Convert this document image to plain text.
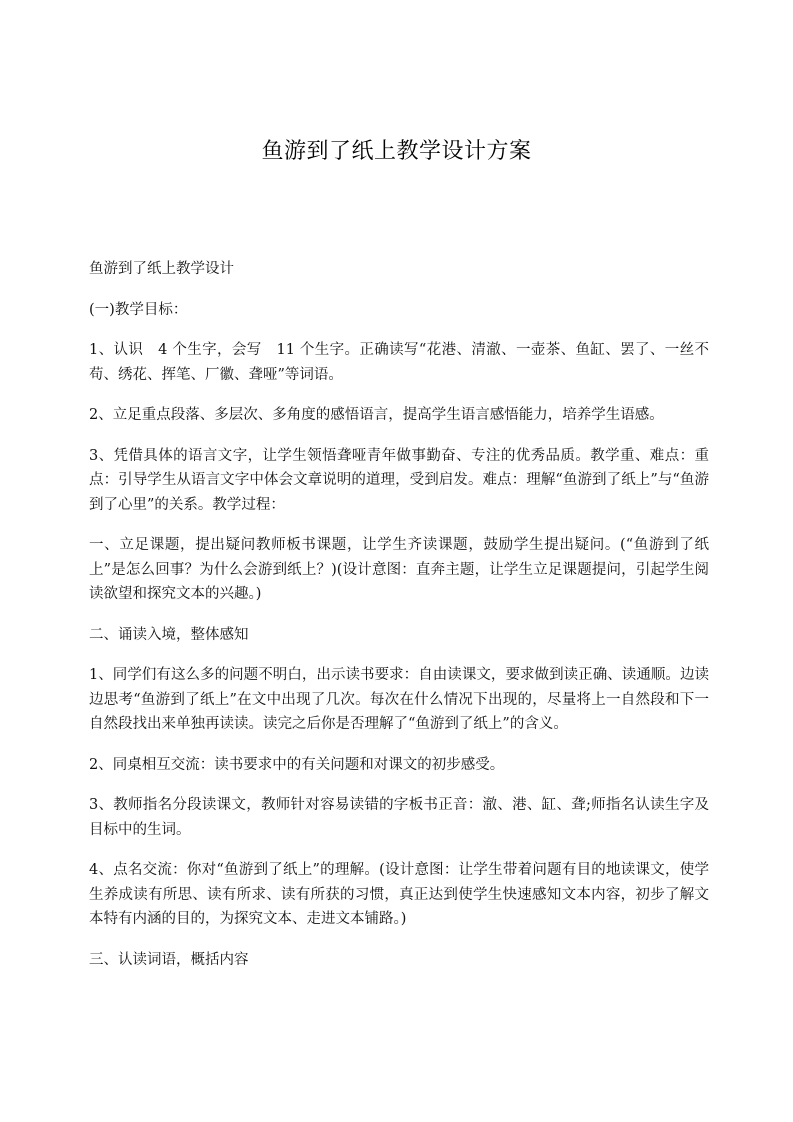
鱼游到了纸上教学设计方案

鱼游到了纸上教学设计

(一)教学目标：

1、认识　4 个生字，会写　11 个生字。正确读写“花港、清澈、一壶茶、鱼缸、罢了、一丝不苟、绣花、挥笔、厂徽、聋哑”等词语。

2、立足重点段落、多层次、多角度的感悟语言，提高学生语言感悟能力，培养学生语感。

3、凭借具体的语言文字，让学生领悟聋哑青年做事勤奋、专注的优秀品质。教学重、难点：重点：引导学生从语言文字中体会文章说明的道理，受到启发。难点：理解“鱼游到了纸上”与“鱼游到了心里”的关系。教学过程：

一、立足课题，提出疑问教师板书课题，让学生齐读课题，鼓励学生提出疑问。(“鱼游到了纸上”是怎么回事？为什么会游到纸上？)(设计意图：直奔主题，让学生立足课题提问，引起学生阅读欲望和探究文本的兴趣。)

二、诵读入境，整体感知

1、同学们有这么多的问题不明白，出示读书要求：自由读课文，要求做到读正确、读通顺。边读边思考“鱼游到了纸上”在文中出现了几次。每次在什么情况下出现的，尽量将上一自然段和下一自然段找出来单独再读读。读完之后你是否理解了“鱼游到了纸上”的含义。

2、同桌相互交流：读书要求中的有关问题和对课文的初步感受。

3、教师指名分段读课文，教师针对容易读错的字板书正音：澈、港、缸、聋;师指名认读生字及目标中的生词。

4、点名交流：你对“鱼游到了纸上”的理解。(设计意图：让学生带着问题有目的地读课文，使学生养成读有所思、读有所求、读有所获的习惯，真正达到使学生快速感知文本内容，初步了解文本特有内涵的目的，为探究文本、走进文本铺路。)

三、认读词语，概括内容
